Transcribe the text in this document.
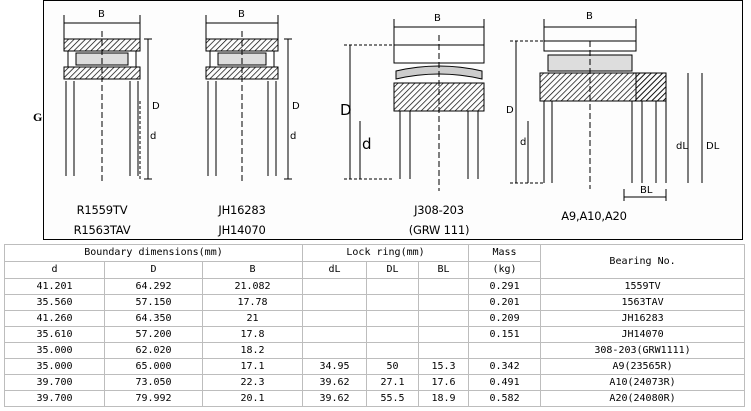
G
B
D
d
R1559TV
R1563TAV
B
D
d
JH16283
JH14070
B
D
d
J308-203
(GRW 111)
B
D
d	dL DL
BL
A9,A10,A20
Boundary dimensions(mm)			Lock ring(mm)			Mass	Bearing No.
d	D	B	dL	DL	BL	(kg)	
41.201	64.292	21.082				0.291	1559TV
35.560	57.150	17.78				0.201	1563TAV
41.260	64.350	21				0.209	JH16283
35.610	57.200	17.8				0.151	JH14070
35.000	62.020	18.2					308-203(GRW1111)
35.000	65.000	17.1	34.95	50	15.3	0.342	A9(23565R)
39.700	73.050	22.3	39.62	27.1	17.6	0.491	A10(24073R)
39.700	79.992	20.1	39.62	55.5	18.9	0.582	A20(24080R)
